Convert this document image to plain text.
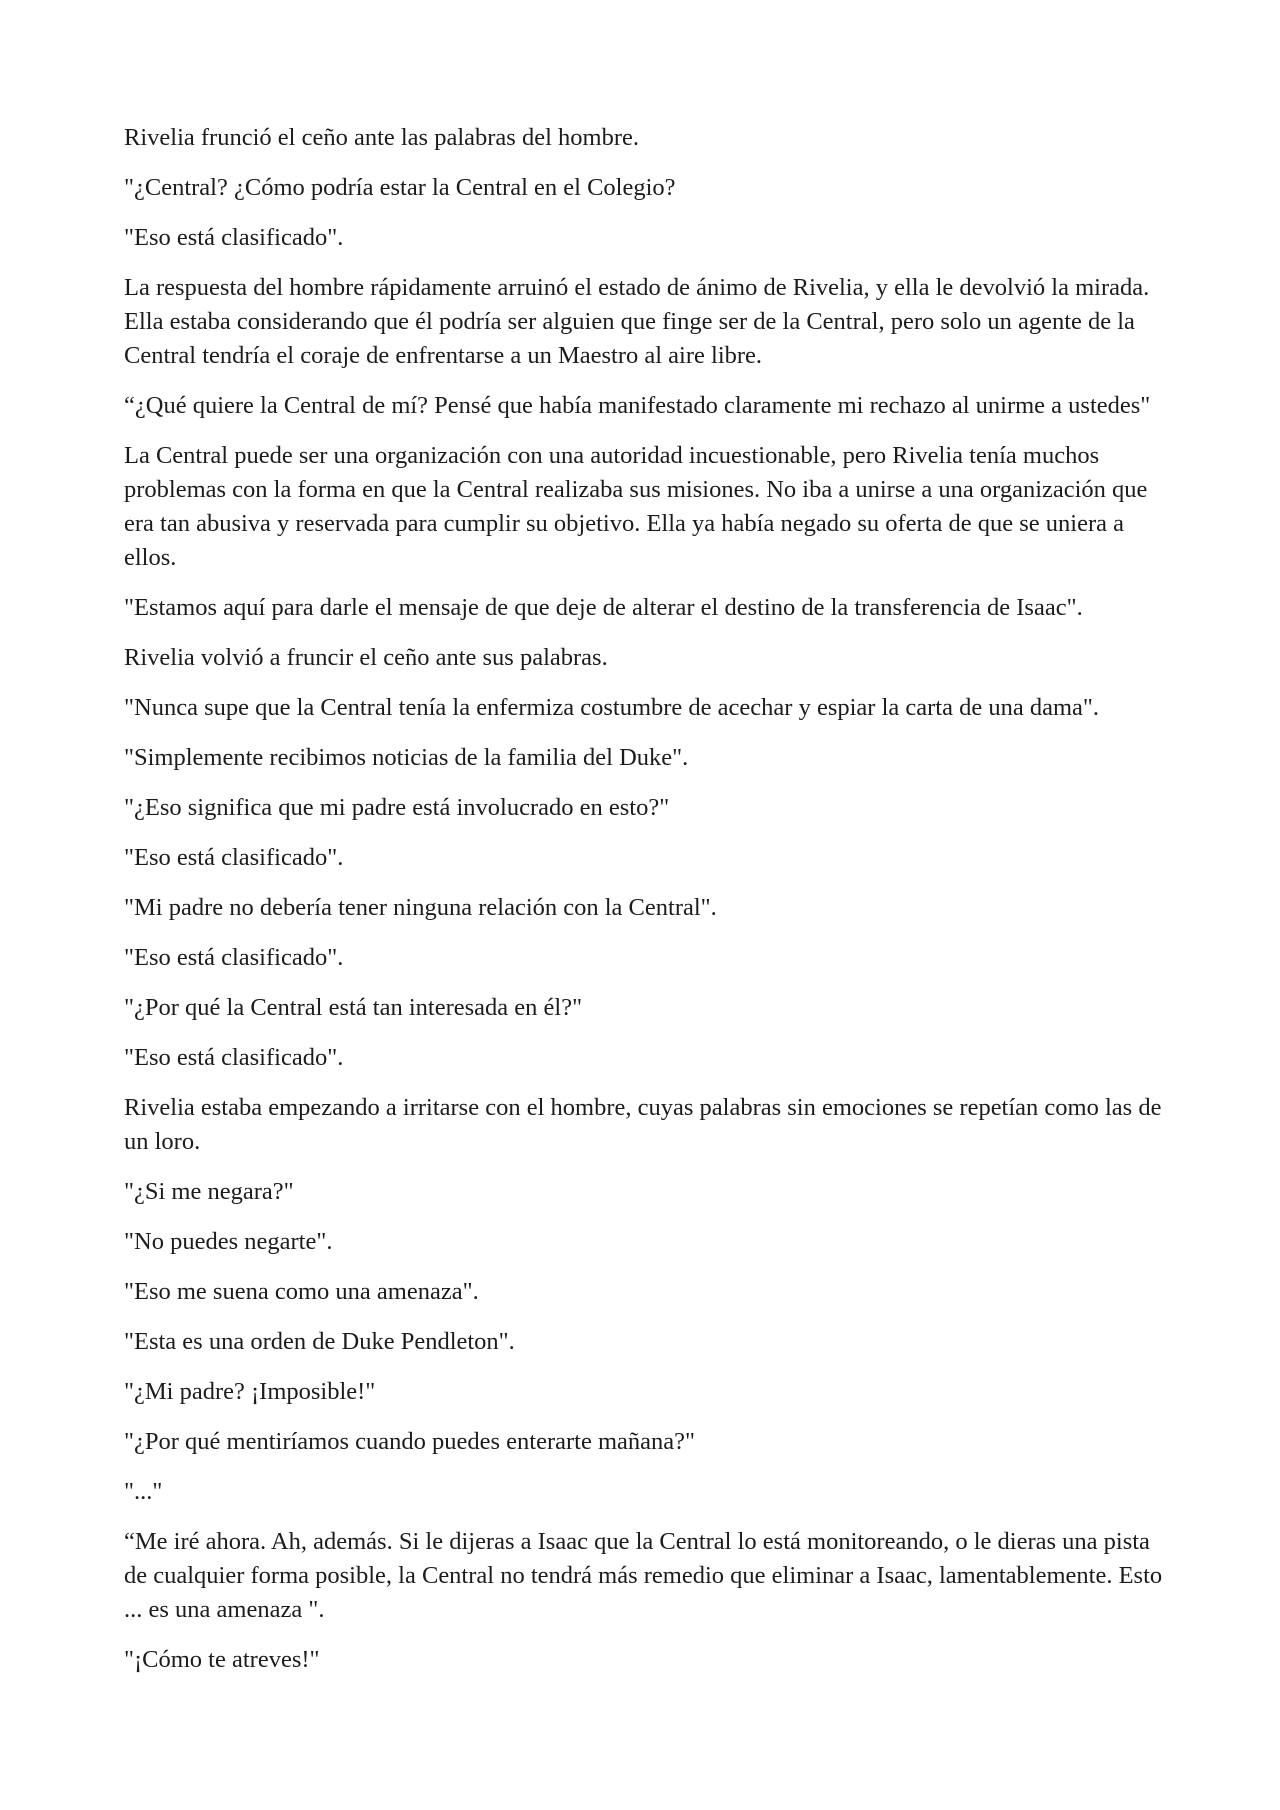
Rivelia frunció el ceño ante las palabras del hombre.

"¿Central? ¿Cómo podría estar la Central en el Colegio?

"Eso está clasificado".

La respuesta del hombre rápidamente arruinó el estado de ánimo de Rivelia, y ella le devolvió la mirada. Ella estaba considerando que él podría ser alguien que finge ser de la Central, pero solo un agente de la Central tendría el coraje de enfrentarse a un Maestro al aire libre.

“¿Qué quiere la Central de mí? Pensé que había manifestado claramente mi rechazo al unirme a ustedes"

La Central puede ser una organización con una autoridad incuestionable, pero Rivelia tenía muchos problemas con la forma en que la Central realizaba sus misiones. No iba a unirse a una organización que era tan abusiva y reservada para cumplir su objetivo. Ella ya había negado su oferta de que se uniera a ellos.

"Estamos aquí para darle el mensaje de que deje de alterar el destino de la transferencia de Isaac".

Rivelia volvió a fruncir el ceño ante sus palabras.

"Nunca supe que la Central tenía la enfermiza costumbre de acechar y espiar la carta de una dama".

"Simplemente recibimos noticias de la familia del Duke".

"¿Eso significa que mi padre está involucrado en esto?"

"Eso está clasificado".

"Mi padre no debería tener ninguna relación con la Central".

"Eso está clasificado".

"¿Por qué la Central está tan interesada en él?"

"Eso está clasificado".

Rivelia estaba empezando a irritarse con el hombre, cuyas palabras sin emociones se repetían como las de un loro.

"¿Si me negara?"

"No puedes negarte".

"Eso me suena como una amenaza".

"Esta es una orden de Duke Pendleton".

"¿Mi padre? ¡Imposible!"

"¿Por qué mentiríamos cuando puedes enterarte mañana?"

"..."

“Me iré ahora. Ah, además. Si le dijeras a Isaac que la Central lo está monitoreando, o le dieras una pista de cualquier forma posible, la Central no tendrá más remedio que eliminar a Isaac, lamentablemente. Esto ... es una amenaza ".

"¡Cómo te atreves!"
